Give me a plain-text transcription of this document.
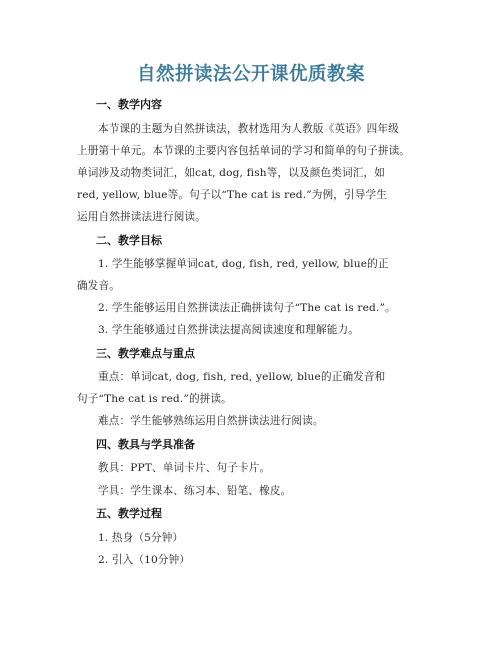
自然拼读法公开课优质教案

一、教学内容

本节课的主题为自然拼读法，教材选用为人教版《英语》四年级

上册第十单元。本节课的主要内容包括单词的学习和简单的句子拼读。

单词涉及动物类词汇，如cat, dog, fish等，以及颜色类词汇，如

red, yellow, blue等。句子以“The cat is red.”为例，引导学生

运用自然拼读法进行阅读。

二、教学目标

1. 学生能够掌握单词cat, dog, fish, red, yellow, blue的正

确发音。

2. 学生能够运用自然拼读法正确拼读句子“The cat is red.”。

3. 学生能够通过自然拼读法提高阅读速度和理解能力。

三、教学难点与重点

重点：单词cat, dog, fish, red, yellow, blue的正确发音和

句子“The cat is red.”的拼读。

难点：学生能够熟练运用自然拼读法进行阅读。

四、教具与学具准备

教具：PPT、单词卡片、句子卡片。

学具：学生课本、练习本、铅笔、橡皮。

五、教学过程

1. 热身（5分钟）

2. 引入（10分钟）
